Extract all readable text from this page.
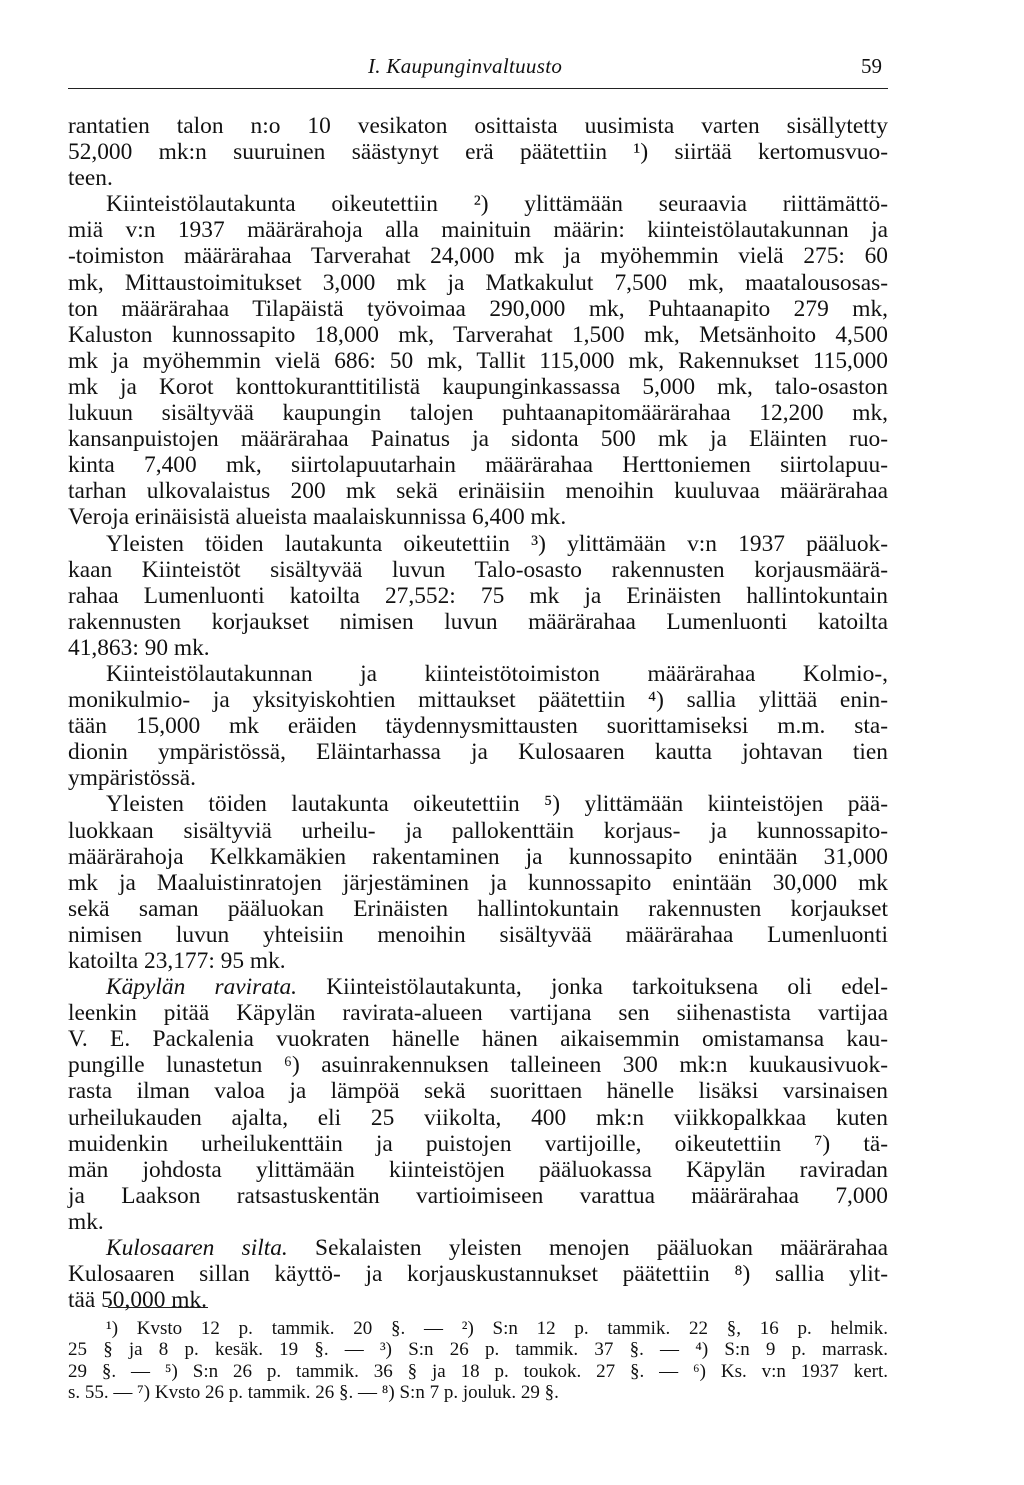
I. Kaupunginvaltuusto	59
rantatien talon n:o 10 vesikaton osittaista uusimista varten sisällytetty
52,000 mk:n suuruinen säästynyt erä päätettiin ¹) siirtää kertomusvuo-
teen.
Kiinteistölautakunta oikeutettiin ²) ylittämään seuraavia riittämättö-
miä v:n 1937 määrärahoja alla mainituin määrin: kiinteistölautakunnan ja
-toimiston määrärahaa Tarverahat 24,000 mk ja myöhemmin vielä 275: 60
mk, Mittaustoimitukset 3,000 mk ja Matkakulut 7,500 mk, maatalousosas-
ton määrärahaa Tilapäistä työvoimaa 290,000 mk, Puhtaanapito 279 mk,
Kaluston kunnossapito 18,000 mk, Tarverahat 1,500 mk, Metsänhoito 4,500
mk ja myöhemmin vielä 686: 50 mk, Tallit 115,000 mk, Rakennukset 115,000
mk ja Korot konttokuranttitilistä kaupunginkassassa 5,000 mk, talo-osaston
lukuun sisältyvää kaupungin talojen puhtaanapitomäärärahaa 12,200 mk,
kansanpuistojen määrärahaa Painatus ja sidonta 500 mk ja Eläinten ruo-
kinta 7,400 mk, siirtolapuutarhain määrärahaa Herttoniemen siirtolapuu-
tarhan ulkovalaistus 200 mk sekä erinäisiin menoihin kuuluvaa määrärahaa
Veroja erinäisistä alueista maalaiskunnissa 6,400 mk.
Yleisten töiden lautakunta oikeutettiin ³) ylittämään v:n 1937 pääluok-
kaan Kiinteistöt sisältyvää luvun Talo-osasto rakennusten korjausmäärä-
rahaa Lumenluonti katoilta 27,552: 75 mk ja Erinäisten hallintokuntain
rakennusten korjaukset nimisen luvun määrärahaa Lumenluonti katoilta
41,863: 90 mk.
Kiinteistölautakunnan ja kiinteistötoimiston määrärahaa Kolmio-,
monikulmio- ja yksityiskohtien mittaukset päätettiin ⁴) sallia ylittää enin-
tään 15,000 mk eräiden täydennysmittausten suorittamiseksi m.m. sta-
dionin ympäristössä, Eläintarhassa ja Kulosaaren kautta johtavan tien
ympäristössä.
Yleisten töiden lautakunta oikeutettiin ⁵) ylittämään kiinteistöjen pää-
luokkaan sisältyviä urheilu- ja pallokenttäin korjaus- ja kunnossapito-
määrärahoja Kelkkamäkien rakentaminen ja kunnossapito enintään 31,000
mk ja Maaluistinratojen järjestäminen ja kunnossapito enintään 30,000 mk
sekä saman pääluokan Erinäisten hallintokuntain rakennusten korjaukset
nimisen luvun yhteisiin menoihin sisältyvää määrärahaa Lumenluonti
katoilta 23,177: 95 mk.
Käpylän ravirata. Kiinteistölautakunta, jonka tarkoituksena oli edel-
leenkin pitää Käpylän ravirata-alueen vartijana sen siihenastista vartijaa
V. E. Packalenia vuokraten hänelle hänen aikaisemmin omistamansa kau-
pungille lunastetun ⁶) asuinrakennuksen talleineen 300 mk:n kuukausivuok-
rasta ilman valoa ja lämpöä sekä suorittaen hänelle lisäksi varsinaisen
urheilukauden ajalta, eli 25 viikolta, 400 mk:n viikkopalkkaa kuten
muidenkin urheilukenttäin ja puistojen vartijoille, oikeutettiin ⁷) tä-
män johdosta ylittämään kiinteistöjen pääluokassa Käpylän raviradan
ja Laakson ratsastuskentän vartioimiseen varattua määrärahaa 7,000
mk.
Kulosaaren silta. Sekalaisten yleisten menojen pääluokan määrärahaa
Kulosaaren sillan käyttö- ja korjauskustannukset päätettiin ⁸) sallia ylit-
tää 50,000 mk.
¹) Kvsto 12 p. tammik. 20 §. — ²) S:n 12 p. tammik. 22 §, 16 p. helmik.
25 § ja 8 p. kesäk. 19 §. — ³) S:n 26 p. tammik. 37 §. — ⁴) S:n 9 p. marrask.
29 §. — ⁵) S:n 26 p. tammik. 36 § ja 18 p. toukok. 27 §. — ⁶) Ks. v:n 1937 kert.
s. 55. — ⁷) Kvsto 26 p. tammik. 26 §. — ⁸) S:n 7 p. jouluk. 29 §.
